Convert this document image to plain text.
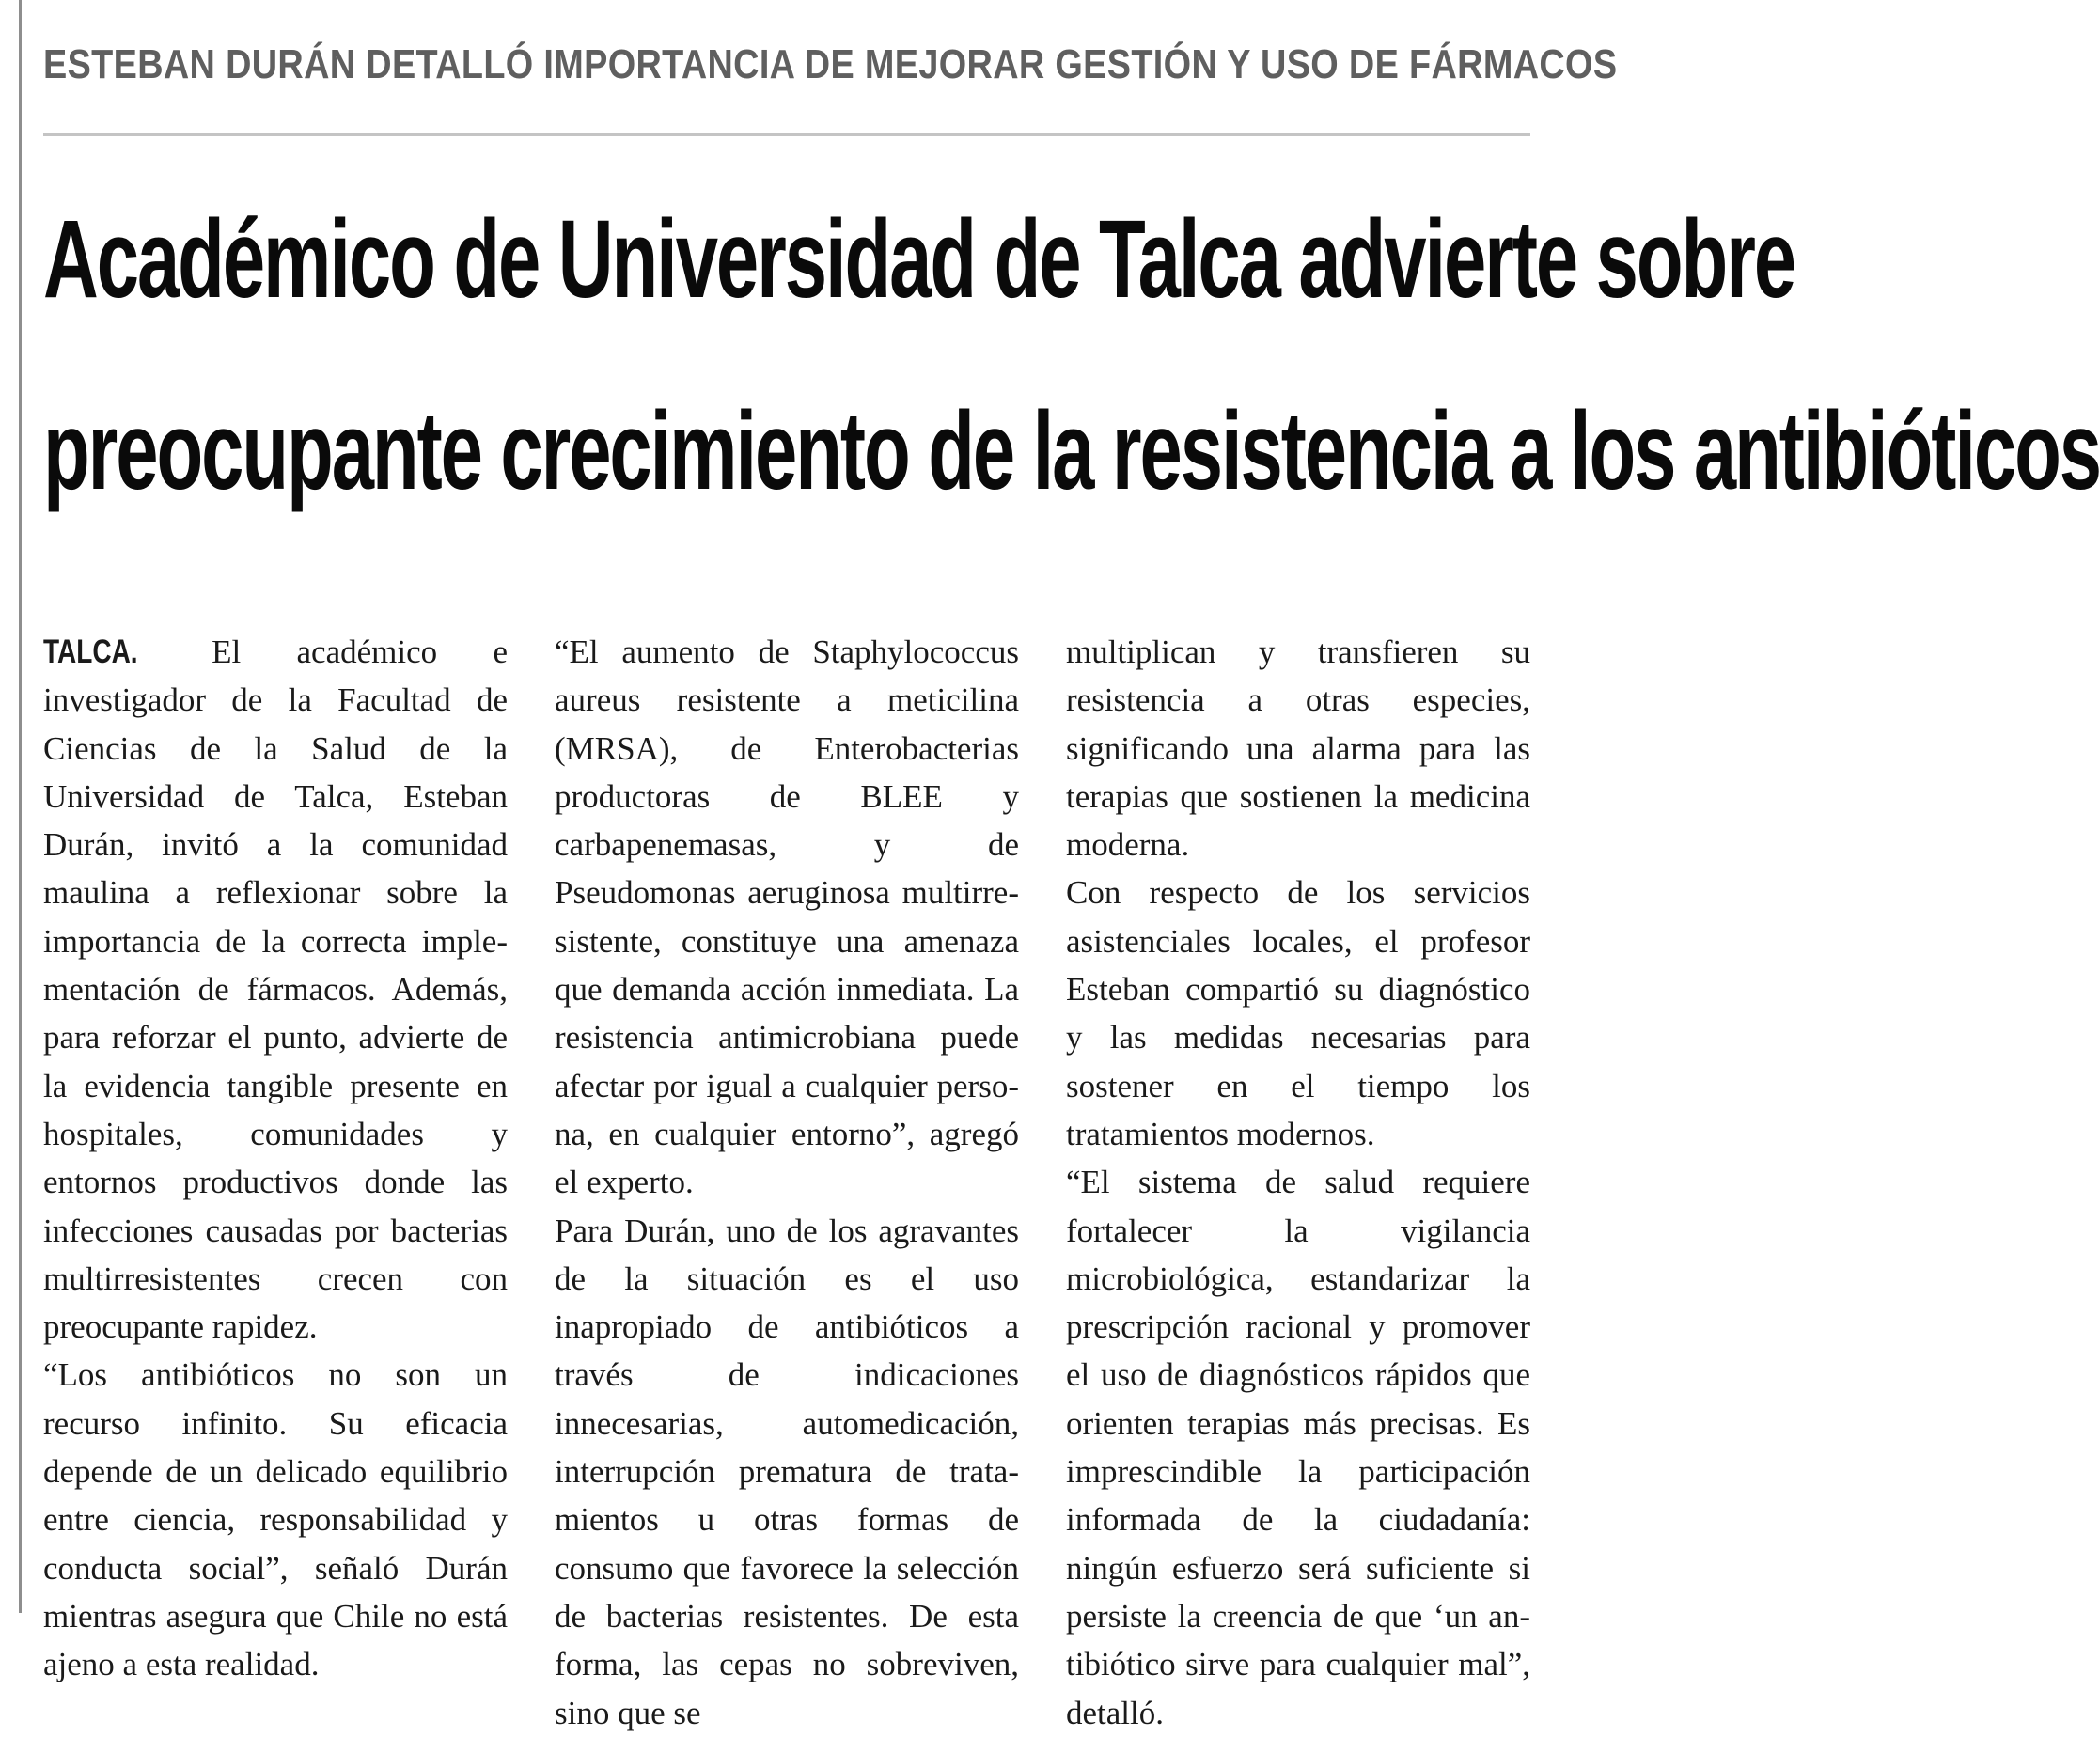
ESTEBAN DURÁN DETALLÓ IMPORTANCIA DE MEJORAR GESTIÓN Y USO DE FÁRMACOS
Académico de Universidad de Talca advierte sobre
preocupante crecimiento de la resistencia a los antibióticos

TALCA. El académico e investigador de la Facultad de Ciencias de la Salud de la Universidad de Talca, Esteban Durán, invitó a la comunidad maulina a reflexionar sobre la importancia de la correcta implementación de fármacos. Además, para reforzar el punto, advierte de la evidencia tangible presente en hospitales, comunidades y entornos productivos donde las infecciones causadas por bacterias multirresistentes crecen con preocupante rapidez.

“Los antibióticos no son un recurso infinito. Su eficacia depende de un delicado equilibrio entre ciencia, responsabilidad y conducta social”, señaló Durán mientras asegura que Chile no está ajeno a esta realidad.

“El aumento de Staphylococcus aureus resistente a meticilina (MRSA), de Enterobacterias productoras de BLEE y carbapenemasas, y de Pseudomonas aeruginosa multirresistente, constituye una amenaza que demanda acción inmediata. La resistencia antimicrobiana puede afectar por igual a cualquier persona, en cualquier entorno”, agregó el experto.

Para Durán, uno de los agravantes de la situación es el uso inapropiado de antibióticos a través de indicaciones innecesarias, automedicación, interrupción prematura de tratamientos u otras formas de consumo que favorece la selección de bacterias resistentes. De esta forma, las cepas no sobreviven, sino que se

multiplican y transfieren su resistencia a otras especies, significando una alarma para las terapias que sostienen la medicina moderna.

Con respecto de los servicios asistenciales locales, el profesor Esteban compartió su diagnóstico y las medidas necesarias para sostener en el tiempo los tratamientos modernos.

“El sistema de salud requiere fortalecer la vigilancia microbiológica, estandarizar la prescripción racional y promover el uso de diagnósticos rápidos que orienten terapias más precisas. Es imprescindible la participación informada de la ciudadanía: ningún esfuerzo será suficiente si persiste la creencia de que ‘un antibiótico sirve para cualquier mal”, detalló.
